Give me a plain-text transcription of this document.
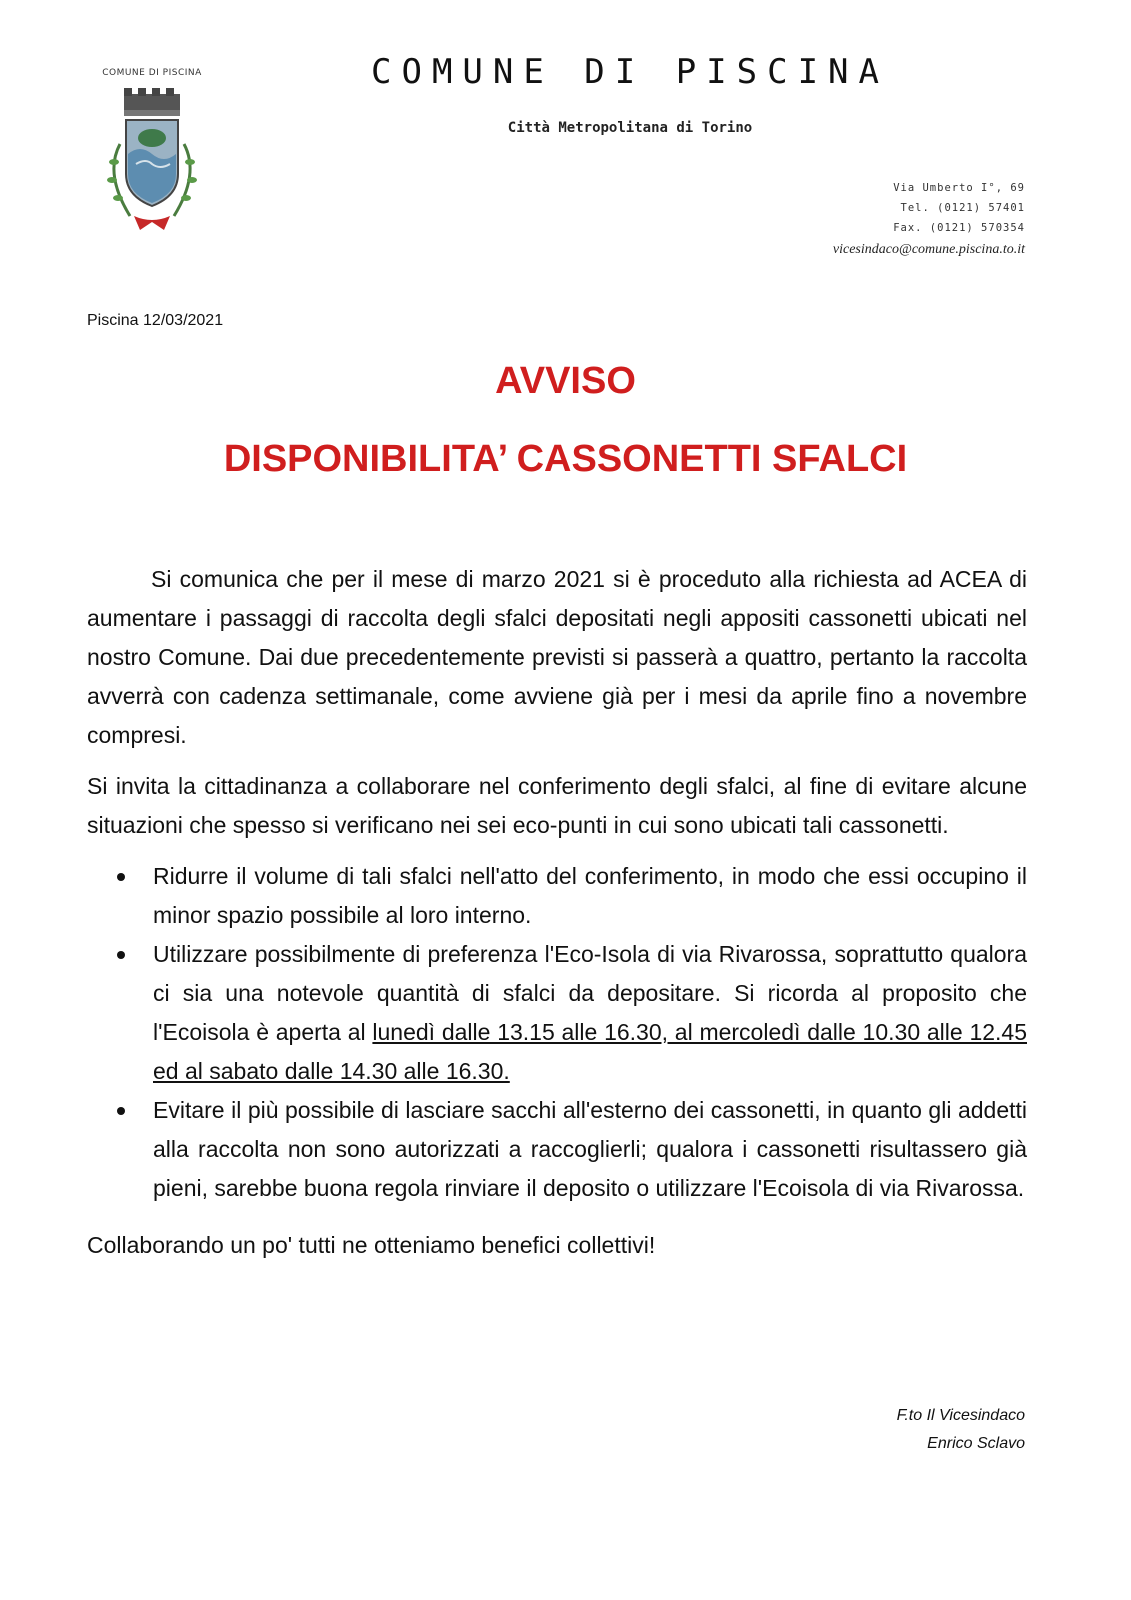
COMUNE DI PISCINA	COMUNE DI PISCINA
Città Metropolitana di Torino
Via Umberto I°, 69
Tel. (0121) 57401
Fax. (0121) 570354
vicesindaco@comune.piscina.to.it
Piscina 12/03/2021
AVVISO
DISPONIBILITA’ CASSONETTI SFALCI

Si comunica che per il mese di marzo 2021 si è proceduto alla richiesta ad ACEA di aumentare i passaggi di raccolta degli sfalci depositati negli appositi cassonetti ubicati nel nostro Comune. Dai due precedentemente previsti si passerà a quattro, pertanto la raccolta avverrà con cadenza settimanale, come avviene già per i mesi da aprile fino a novembre compresi.

Si invita la cittadinanza a collaborare nel conferimento degli sfalci, al fine di evitare alcune situazioni che spesso si verificano nei sei eco-punti in cui sono ubicati tali cassonetti.

Ridurre il volume di tali sfalci nell'atto del conferimento, in modo che essi occupino il minor spazio possibile al loro interno.
Utilizzare possibilmente di preferenza l'Eco-Isola di via Rivarossa, soprattutto qualora ci sia una notevole quantità di sfalci da depositare. Si ricorda al proposito che l'Ecoisola è aperta al lunedì dalle 13.15 alle 16.30, al mercoledì dalle 10.30 alle 12.45 ed al sabato dalle 14.30 alle 16.30.
Evitare il più possibile di lasciare sacchi all'esterno dei cassonetti, in quanto gli addetti alla raccolta non sono autorizzati a raccoglierli; qualora i cassonetti risultassero già pieni, sarebbe buona regola rinviare il deposito o utilizzare l'Ecoisola di via Rivarossa.

Collaborando un po' tutti ne otteniamo benefici collettivi!

F.to Il Vicesindaco
Enrico Sclavo
